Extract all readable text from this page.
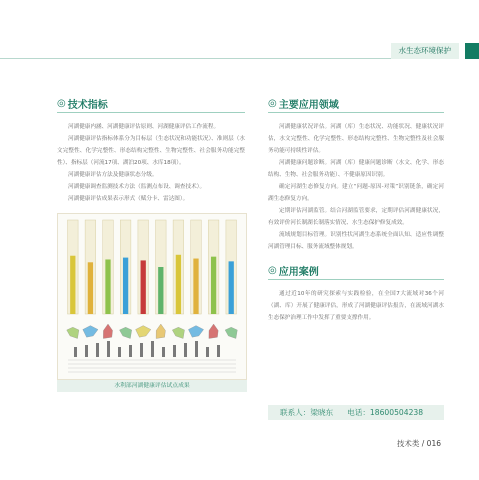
水生态环境保护
◎ 技术指标

河湖健康内涵、河湖健康评估原则、河湖健康评估工作流程。

河湖健康评估指标体系分为目标层（生态状况和功能状况）、准则层（水文完整性、化学完整性、形态结构完整性、生物完整性、社会服务功能完整性）、指标层（河流17项、湖泊20项、水库18项）。

河湖健康评估方法及健康状态分级。

河湖健康调查监测技术方法（监测点布设、调查技术）。

河湖健康评估成果表示形式（赋分卡、雷达图）。

水利部河湖健康评估试点成果
◎ 主要应用领域

河湖健康状况评估。河湖（库）生态状况、功能状况、健康状况评估，水文完整性、化学完整性、形态结构完整性、生物完整性及社会服务功能可持续性评估。

河湖健康问题诊断。河湖（库）健康问题诊断（水文、化学、形态结构、生物、社会服务功能）、不健康原因识别。

确定河湖生态修复方向。建立“问题-原因-对策”识别链条，确定河湖生态修复方向。

定期评估河湖监管。结合河湖监管要求，定期评估河湖健康状况，有效评价河长制湖长制落实情况、水生态保护修复成效。

流域规划目标管理。识别性状河湖生态系统全面认知、适应性调整河湖管理目标、服务流域整体规划。

◎ 应用案例

通过近10年的研究探索与实践检验，在全国7大流域对36个河（湖、库）开展了健康评估，形成了河湖健康评估报告，在流域河湖水生态保护治理工作中发挥了重要支撑作用。

联系人：梁晓东 电话：18600504238
技术类 / 016
